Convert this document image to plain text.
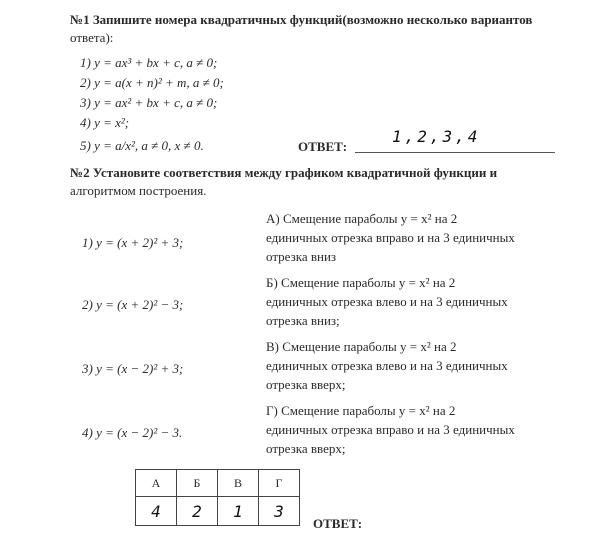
№1 Запишите номера квадратичных функций(возможно несколько вариантов
ответа):
1) y = ax³ + bx + c, a ≠ 0;
2) y = a(x + n)² + m, a ≠ 0;
3) y = ax² + bx + c, a ≠ 0;
4) y = x²;
5) y = a/x², a ≠ 0, x ≠ 0.	ОТВЕТ:
1,2,3,4
№2 Установите соответствия между графиком квадратичной функции и
алгоритмом построения.
1) y = (x + 2)² + 3;
2) y = (x + 2)² − 3;
3) y = (x − 2)² + 3;
4) y = (x − 2)² − 3.
А) Смещение параболы y = x² на 2
единичных отрезка вправо и на 3 единичных
отрезка вниз
Б) Смещение параболы y = x² на 2
единичных отрезка влево и на 3 единичных
отрезка вниз;
В) Смещение параболы y = x² на 2
единичных отрезка влево и на 3 единичных
отрезка вверх;
Г) Смещение параболы y = x² на 2
единичных отрезка вправо и на 3 единичных
отрезка вверх;
А	Б	В	Г
4	2	1	3
ОТВЕТ:
